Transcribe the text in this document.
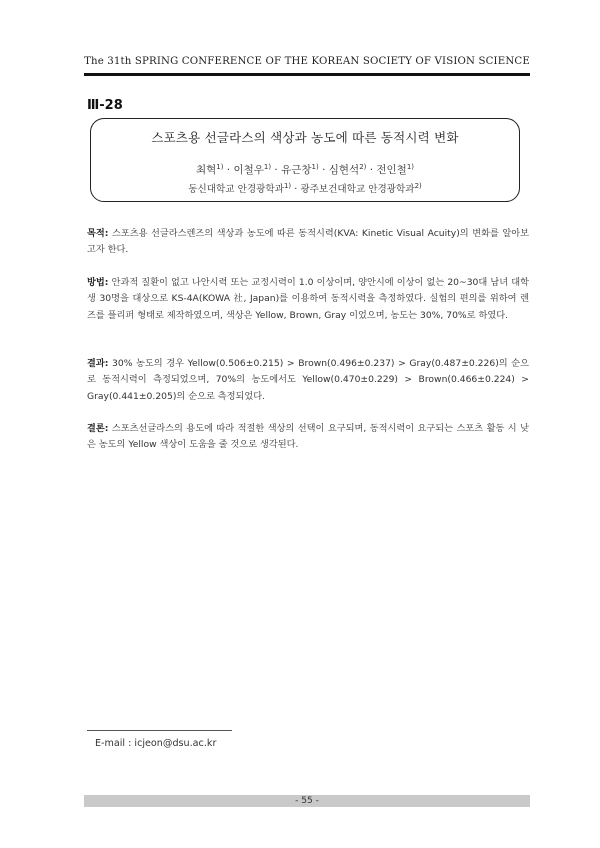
The 31th SPRING CONFERENCE OF THE KOREAN SOCIETY OF VISION SCIENCE
Ⅲ-28
스포츠용 선글라스의 색상과 농도에 따른 동적시력 변화
최혁$^{1)}$ · 이철우$^{1)}$ · 유근창$^{1)}$ · 심현석$^{2)}$ · 전인철$^{1)}$
동신대학교 안경광학과$^{1)}$ · 광주보건대학교 안경광학과$^{2)}$
목적: 스포츠용 선글라스렌즈의 색상과 농도에 따른 동적시력(KVA: Kinetic Visual Acuity)의 변화를 알아보고자 한다.
방법: 안과적 질환이 없고 나안시력 또는 교정시력이 1.0 이상이며, 양안시에 이상이 없는 20~30대 남녀 대학생 30명을 대상으로 KS-4A(KOWA 社, Japan)를 이용하여 동적시력을 측정하였다. 실험의 편의를 위하여 렌즈를 플리퍼 형태로 제작하였으며, 색상은 Yellow, Brown, Gray 이었으며, 농도는 30%, 70%로 하였다.
결과: 30% 농도의 경우 Yellow(0.506±0.215) > Brown(0.496±0.237) > Gray(0.487±0.226)의 순으로 동적시력이 측정되었으며, 70%의 농도에서도 Yellow(0.470±0.229) > Brown(0.466±0.224) > Gray(0.441±0.205)의 순으로 측정되었다.
결론: 스포츠선글라스의 용도에 따라 적절한 색상의 선택이 요구되며, 동적시력이 요구되는 스포츠 활동 시 낮은 농도의 Yellow 색상이 도움을 줄 것으로 생각된다.
E-mail : icjeon@dsu.ac.kr
- 55 -
